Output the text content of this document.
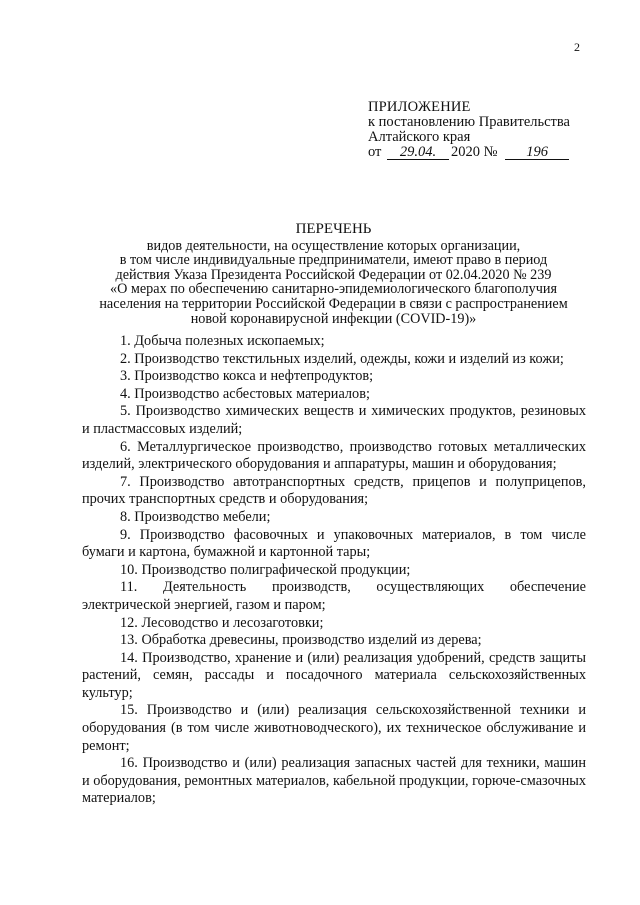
2
ПРИЛОЖЕНИЕ
к постановлению Правительства
Алтайского края
от 29.04. 2020 № 196
ПЕРЕЧЕНЬ
видов деятельности, на осуществление которых организации,
в том числе индивидуальные предприниматели, имеют право в период
действия Указа Президента Российской Федерации от 02.04.2020 № 239
«О мерах по обеспечению санитарно-эпидемиологического благополучия
населения на территории Российской Федерации в связи с распространением
новой коронавирусной инфекции (COVID-19)»

1. Добыча полезных ископаемых;

2. Производство текстильных изделий, одежды, кожи и изделий из кожи;

3. Производство кокса и нефтепродуктов;

4. Производство асбестовых материалов;

5. Производство химических веществ и химических продуктов, резиновых и пластмассовых изделий;

6. Металлургическое производство, производство готовых металлических изделий, электрического оборудования и аппаратуры, машин и оборудования;

7. Производство автотранспортных средств, прицепов и полуприцепов, прочих транспортных средств и оборудования;

8. Производство мебели;

9. Производство фасовочных и упаковочных материалов, в том числе бумаги и картона, бумажной и картонной тары;

10. Производство полиграфической продукции;

11. Деятельность производств, осуществляющих обеспечение электрической энергией, газом и паром;

12. Лесоводство и лесозаготовки;

13. Обработка древесины, производство изделий из дерева;

14. Производство, хранение и (или) реализация удобрений, средств защиты растений, семян, рассады и посадочного материала сельскохозяйственных культур;

15. Производство и (или) реализация сельскохозяйственной техники и оборудования (в том числе животноводческого), их техническое обслуживание и ремонт;

16. Производство и (или) реализация запасных частей для техники, машин и оборудования, ремонтных материалов, кабельной продукции, горюче-смазочных материалов;
